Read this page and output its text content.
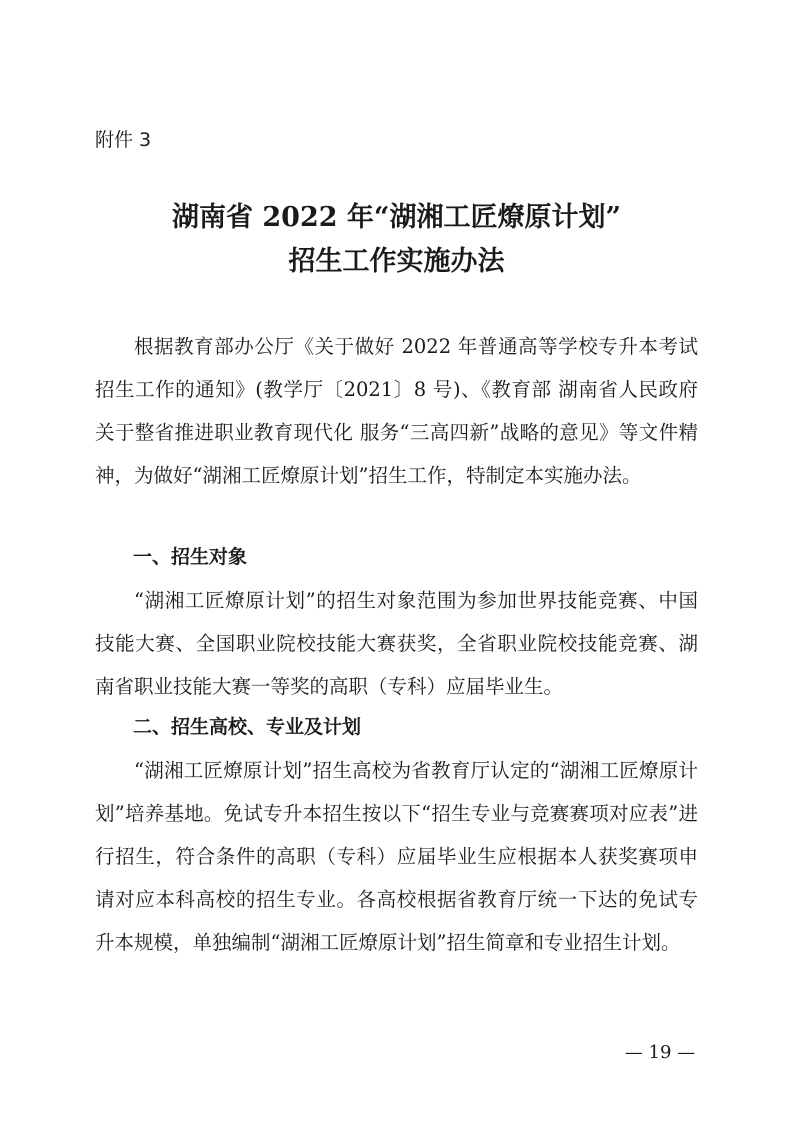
附件 3
湖南省 2022 年“湖湘工匠燎原计划”
招生工作实施办法
根据教育部办公厅《关于做好 2022 年普通高等学校专升本考试招生工作的通知》(教学厅〔2021〕8 号)、《教育部 湖南省人民政府关于整省推进职业教育现代化 服务“三高四新”战略的意见》等文件精神，为做好“湖湘工匠燎原计划”招生工作，特制定本实施办法。
一、招生对象
“湖湘工匠燎原计划”的招生对象范围为参加世界技能竞赛、中国技能大赛、全国职业院校技能大赛获奖，全省职业院校技能竞赛、湖南省职业技能大赛一等奖的高职（专科）应届毕业生。
二、招生高校、专业及计划
“湖湘工匠燎原计划”招生高校为省教育厅认定的“湖湘工匠燎原计划”培养基地。免试专升本招生按以下“招生专业与竞赛赛项对应表”进行招生，符合条件的高职（专科）应届毕业生应根据本人获奖赛项申请对应本科高校的招生专业。各高校根据省教育厅统一下达的免试专升本规模，单独编制“湖湘工匠燎原计划”招生简章和专业招生计划。
— 19 —
